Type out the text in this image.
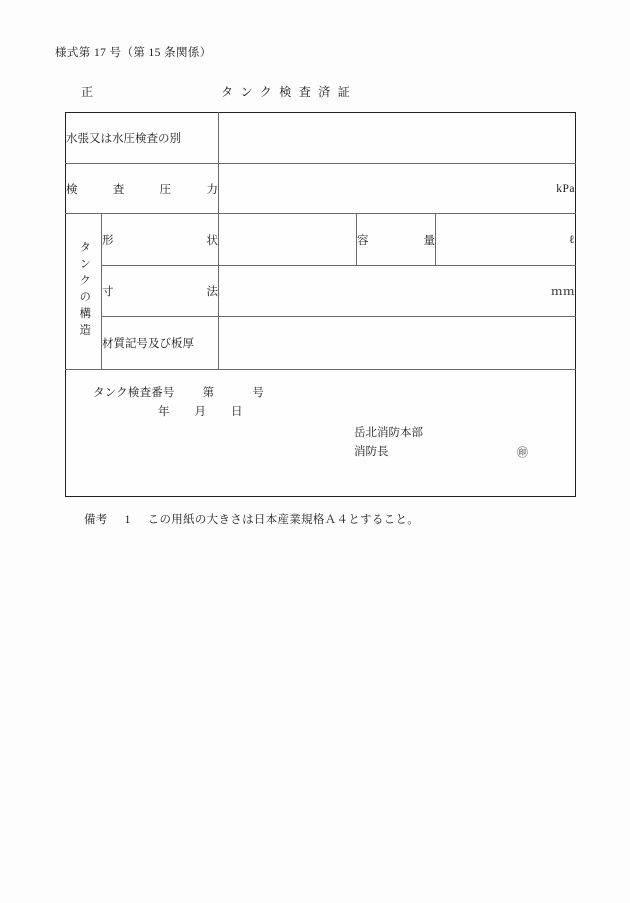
様式第 17 号（第 15 条関係）
正	タンク検査済証
水張又は水圧検査の別				
検査圧力		kPa		
タンクの構造	形状		容量	ℓ
	寸法	ｍｍ		
	材質記号及び板厚			

タンク検査番号 第 号
年 月 日
岳北消防本部
消防長 ㊞				
備考 1 この用紙の大きさは日本産業規格Ａ４とすること。
